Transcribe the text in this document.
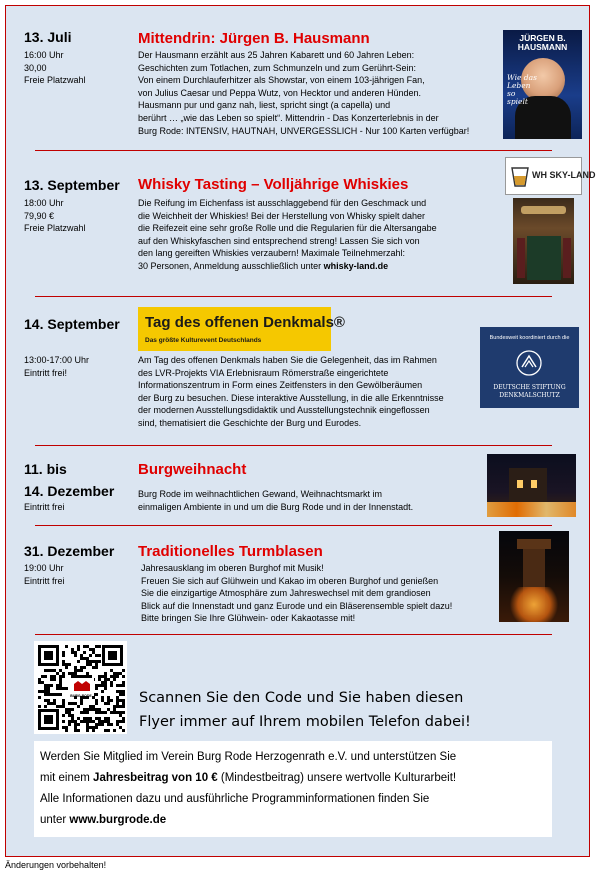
13. Juli
16:00 Uhr
30,00
Freie Platzwahl
Mittendrin: Jürgen B. Hausmann
Der Hausmann erzählt aus 25 Jahren Kabarett und 60 Jahren Leben:
Geschichten zum Totlachen, zum Schmunzeln und zum Gerührt-Sein:
Von einem Durchlauferhitzer als Showstar, von einem 103-jährigen Fan,
von Julius Caesar und Peppa Wutz, von Hecktor und anderen Hünden.
Hausmann pur und ganz nah, liest, spricht singt (a capella) und
berührt … „wie das Leben so spielt“. Mittendrin - Das Konzerterlebnis in der
Burg Rode: INTENSIV, HAUTNAH, UNVERGESSLICH - Nur 100 Karten verfügbar!
JÜRGEN B.
HAUSMANN
Wie das Leben so spielt
13. September
18:00 Uhr
79,90 €
Freie Platzwahl
Whisky Tasting – Volljährige Whiskies
Die Reifung im Eichenfass ist ausschlaggebend für den Geschmack und
die Weichheit der Whiskies! Bei der Herstellung von Whisky spielt daher
die Reifezeit eine sehr große Rolle und die Regularien für die Altersangabe
auf den Whiskyfaschen sind entsprechend streng! Lassen Sie sich von
den lang gereiften Whiskies verzaubern! Maximale Teilnehmerzahl:
30 Personen, Anmeldung ausschließlich unter whisky-land.de
WH SKY-LAND
14. September
13:00-17:00 Uhr
Eintritt frei!
Tag des offenen Denkmals®
Das größte Kulturevent Deutschlands
Am Tag des offenen Denkmals haben Sie die Gelegenheit, das im Rahmen
des LVR-Projekts VIA Erlebnisraum Römerstraße eingerichtete
Informationszentrum in Form eines Zeitfensters in den Gewölberäumen
der Burg zu besuchen. Diese interaktive Ausstellung, in die alle Erkenntnisse
der modernen Ausstellungsdidaktik und Ausstellungstechnik eingeflossen
sind, thematisiert die Geschichte der Burg und Eurodes.
Bundesweit koordiniert durch die
DEUTSCHE STIFTUNG
DENKMALSCHUTZ
11. bis
14. Dezember
Eintritt frei
Burgweihnacht
Burg Rode im weihnachtlichen Gewand, Weihnachtsmarkt im
einmaligen Ambiente in und um die Burg Rode und in der Innenstadt.
31. Dezember
19:00 Uhr
Eintritt frei
Traditionelles Turmblasen
Jahresausklang im oberen Burghof mit Musik!
Freuen Sie sich auf Glühwein und Kakao im oberen Burghof und genießen
Sie die einzigartige Atmosphäre zum Jahreswechsel mit dem grandiosen
Blick auf die Innenstadt und ganz Eurode und ein Bläserensemble spielt dazu!
Bitte bringen Sie Ihre Glühwein- oder Kakaotasse mit!
BURG RODE	Scannen Sie den Code und Sie haben diesen
Flyer immer auf Ihrem mobilen Telefon dabei!
Werden Sie Mitglied im Verein Burg Rode Herzogenrath e.V. und unterstützen Sie
mit einem Jahresbeitrag von 10 € (Mindestbeitrag) unsere wertvolle Kulturarbeit!
Alle Informationen dazu und ausführliche Programminformationen finden Sie
unter www.burgrode.de
Änderungen vorbehalten!
